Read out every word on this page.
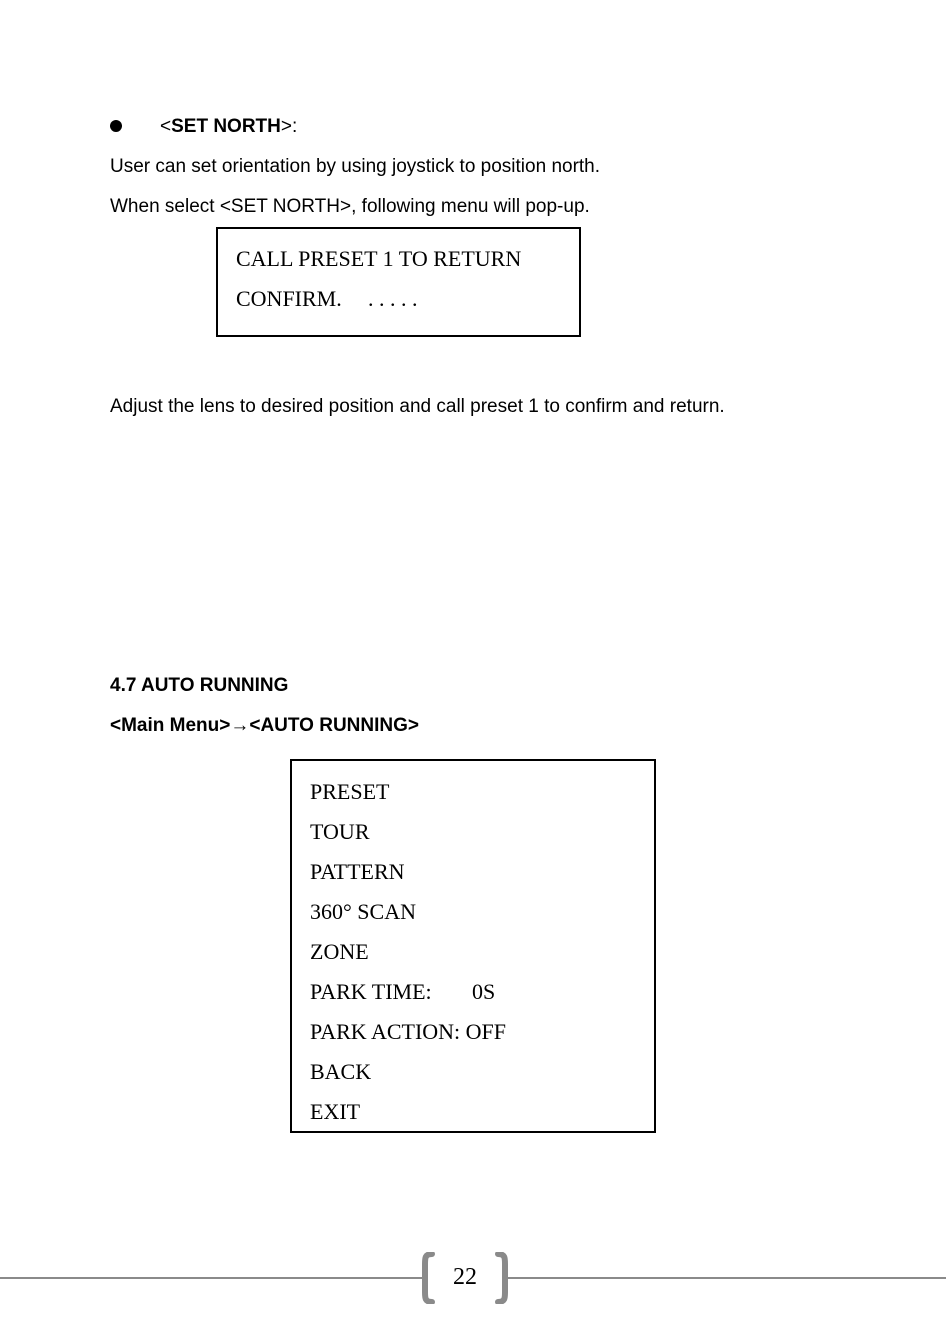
<SET NORTH>:
User can set orientation by using joystick to position north.
When select <SET NORTH>, following menu will pop-up.
CALL PRESET 1 TO RETURN
CONFIRM. . . . . .
Adjust the lens to desired position and call preset 1 to confirm and return.
4.7 AUTO RUNNING
<Main Menu>→<AUTO RUNNING>
PRESET
TOUR
PATTERN
360° SCAN
ZONE
PARK TIME: 0S
PARK ACTION: OFF
BACK
EXIT
22
